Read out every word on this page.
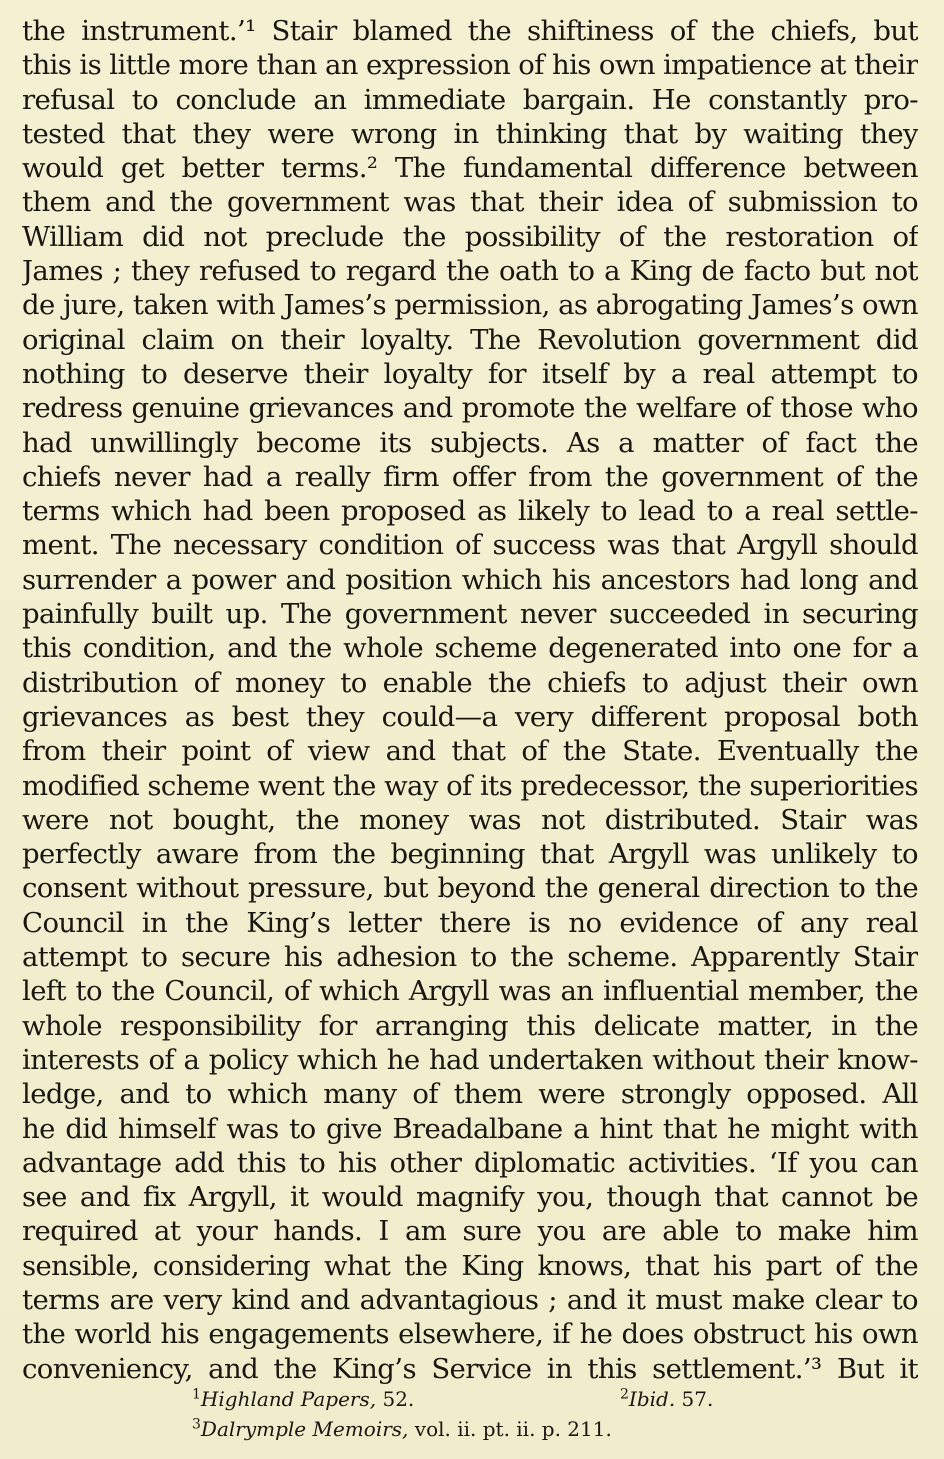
the instrument.’¹ Stair blamed the shiftiness of the chiefs, but
this is little more than an expression of his own impatience at their
refusal to conclude an immediate bargain. He constantly pro-
tested that they were wrong in thinking that by waiting they
would get better terms.² The fundamental difference between
them and the government was that their idea of submission to
William did not preclude the possibility of the restoration of
James ; they refused to regard the oath to a King de facto but not
de jure, taken with James’s permission, as abrogating James’s own
original claim on their loyalty. The Revolution government did
nothing to deserve their loyalty for itself by a real attempt to
redress genuine grievances and promote the welfare of those who
had unwillingly become its subjects. As a matter of fact the
chiefs never had a really firm offer from the government of the
terms which had been proposed as likely to lead to a real settle-
ment. The necessary condition of success was that Argyll should
surrender a power and position which his ancestors had long and
painfully built up. The government never succeeded in securing
this condition, and the whole scheme degenerated into one for a
distribution of money to enable the chiefs to adjust their own
grievances as best they could—a very different proposal both
from their point of view and that of the State. Eventually the
modified scheme went the way of its predecessor, the superiorities
were not bought, the money was not distributed. Stair was
perfectly aware from the beginning that Argyll was unlikely to
consent without pressure, but beyond the general direction to the
Council in the King’s letter there is no evidence of any real
attempt to secure his adhesion to the scheme. Apparently Stair
left to the Council, of which Argyll was an influential member, the
whole responsibility for arranging this delicate matter, in the
interests of a policy which he had undertaken without their know-
ledge, and to which many of them were strongly opposed. All
he did himself was to give Breadalbane a hint that he might with
advantage add this to his other diplomatic activities. ‘If you can
see and fix Argyll, it would magnify you, though that cannot be
required at your hands. I am sure you are able to make him
sensible, considering what the King knows, that his part of the
terms are very kind and advantagious ; and it must make clear to
the world his engagements elsewhere, if he does obstruct his own
conveniency, and the King’s Service in this settlement.’³ But it
$^1$Highland Papers, 52.	$^2$Ibid. 57.
$^3$Dalrymple Memoirs, vol. ii. pt. ii. p. 211.
